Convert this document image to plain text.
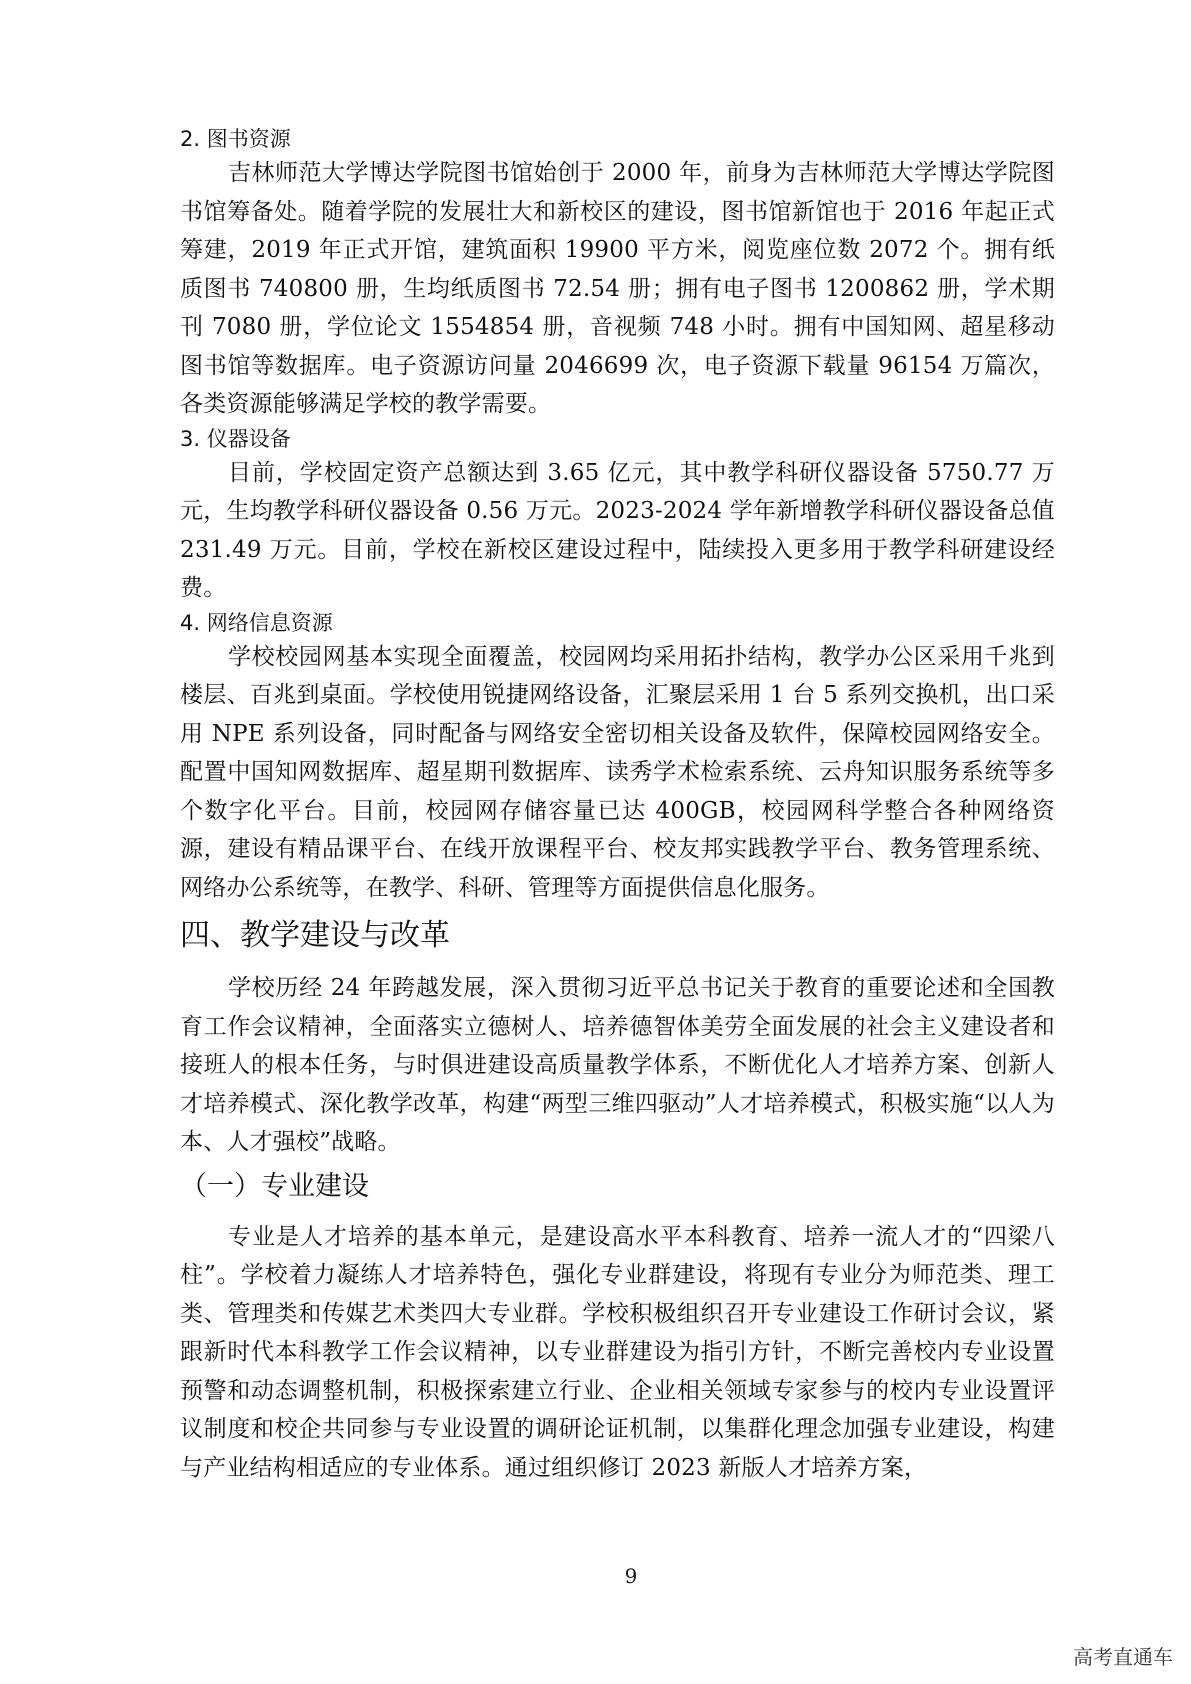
2. 图书资源

吉林师范大学博达学院图书馆始创于 2000 年，前身为吉林师范大学博达学院图书馆筹备处。随着学院的发展壮大和新校区的建设，图书馆新馆也于 2016 年起正式筹建，2019 年正式开馆，建筑面积 19900 平方米，阅览座位数 2072 个。拥有纸质图书 740800 册，生均纸质图书 72.54 册；拥有电子图书 1200862 册，学术期刊 7080 册，学位论文 1554854 册，音视频 748 小时。拥有中国知网、超星移动图书馆等数据库。电子资源访问量 2046699 次，电子资源下载量 96154 万篇次，各类资源能够满足学校的教学需要。

3. 仪器设备

目前，学校固定资产总额达到 3.65 亿元，其中教学科研仪器设备 5750.77 万元，生均教学科研仪器设备 0.56 万元。2023-2024 学年新增教学科研仪器设备总值 231.49 万元。目前，学校在新校区建设过程中，陆续投入更多用于教学科研建设经费。

4. 网络信息资源

学校校园网基本实现全面覆盖，校园网均采用拓扑结构，教学办公区采用千兆到楼层、百兆到桌面。学校使用锐捷网络设备，汇聚层采用 1 台 5 系列交换机，出口采用 NPE 系列设备，同时配备与网络安全密切相关设备及软件，保障校园网络安全。配置中国知网数据库、超星期刊数据库、读秀学术检索系统、云舟知识服务系统等多个数字化平台。目前，校园网存储容量已达 400GB，校园网科学整合各种网络资源，建设有精品课平台、在线开放课程平台、校友邦实践教学平台、教务管理系统、网络办公系统等，在教学、科研、管理等方面提供信息化服务。

四、教学建设与改革

学校历经 24 年跨越发展，深入贯彻习近平总书记关于教育的重要论述和全国教育工作会议精神，全面落实立德树人、培养德智体美劳全面发展的社会主义建设者和接班人的根本任务，与时俱进建设高质量教学体系，不断优化人才培养方案、创新人才培养模式、深化教学改革，构建“两型三维四驱动”人才培养模式，积极实施“以人为本、人才强校”战略。

（一）专业建设

专业是人才培养的基本单元，是建设高水平本科教育、培养一流人才的“四梁八柱”。学校着力凝练人才培养特色，强化专业群建设，将现有专业分为师范类、理工类、管理类和传媒艺术类四大专业群。学校积极组织召开专业建设工作研讨会议，紧跟新时代本科教学工作会议精神，以专业群建设为指引方针，不断完善校内专业设置预警和动态调整机制，积极探索建立行业、企业相关领域专家参与的校内专业设置评议制度和校企共同参与专业设置的调研论证机制，以集群化理念加强专业建设，构建与产业结构相适应的专业体系。通过组织修订 2023 新版人才培养方案，

9
高考直通车
